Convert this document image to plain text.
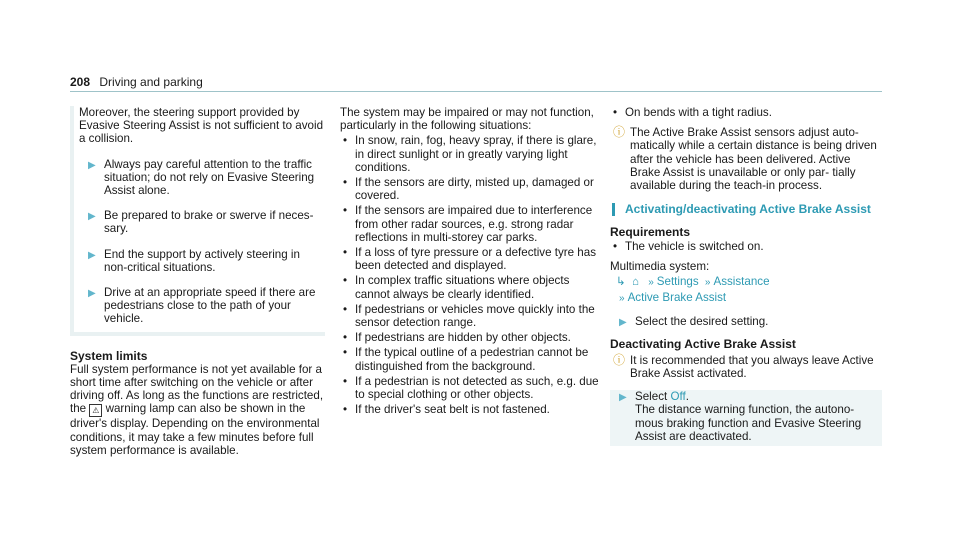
208 Driving and parking

Moreover, the steering support provided by Evasive Steering Assist is not sufficient to avoid a collision.

▶ Always pay careful attention to the traffic situation; do not rely on Evasive Steering Assist alone.
▶ Be prepared to brake or swerve if neces‐ sary.
▶ End the support by actively steering in non-critical situations.
▶ Drive at an appropriate speed if there are pedestrians close to the path of your vehicle.
System limits

Full system performance is not yet available for a short time after switching on the vehicle or after driving off. As long as the functions are restricted, the ⚠ warning lamp can also be shown in the driver's display. Depending on the environmental conditions, it may take a few minutes before full system performance is available.

The system may be impaired or may not function, particularly in the following situations:

• In snow, rain, fog, heavy spray, if there is glare, in direct sunlight or in greatly varying light conditions.
• If the sensors are dirty, misted up, damaged or covered.
• If the sensors are impaired due to interference from other radar sources, e.g. strong radar reflections in multi-storey car parks.
• If a loss of tyre pressure or a defective tyre has been detected and displayed.
• In complex traffic situations where objects cannot always be clearly identified.
• If pedestrians or vehicles move quickly into the sensor detection range.
• If pedestrians are hidden by other objects.
• If the typical outline of a pedestrian cannot be distinguished from the background.
• If a pedestrian is not detected as such, e.g. due to special clothing or other objects.
• If the driver's seat belt is not fastened.
• On bends with a tight radius.
ⓘ The Active Brake Assist sensors adjust auto‐ matically while a certain distance is being driven after the vehicle has been delivered. Active Brake Assist is unavailable or only par‐ tially available during the teach-in process.
Activating/deactivating Active Brake Assist
Requirements
• The vehicle is switched on.

Multimedia system:

↳ ⌂ » Settings » Assistance
» Active Brake Assist
▶ Select the desired setting.
Deactivating Active Brake Assist
ⓘ It is recommended that you always leave Active Brake Assist activated.
▶ Select Off.
The distance warning function, the autono‐ mous braking function and Evasive Steering Assist are deactivated.
